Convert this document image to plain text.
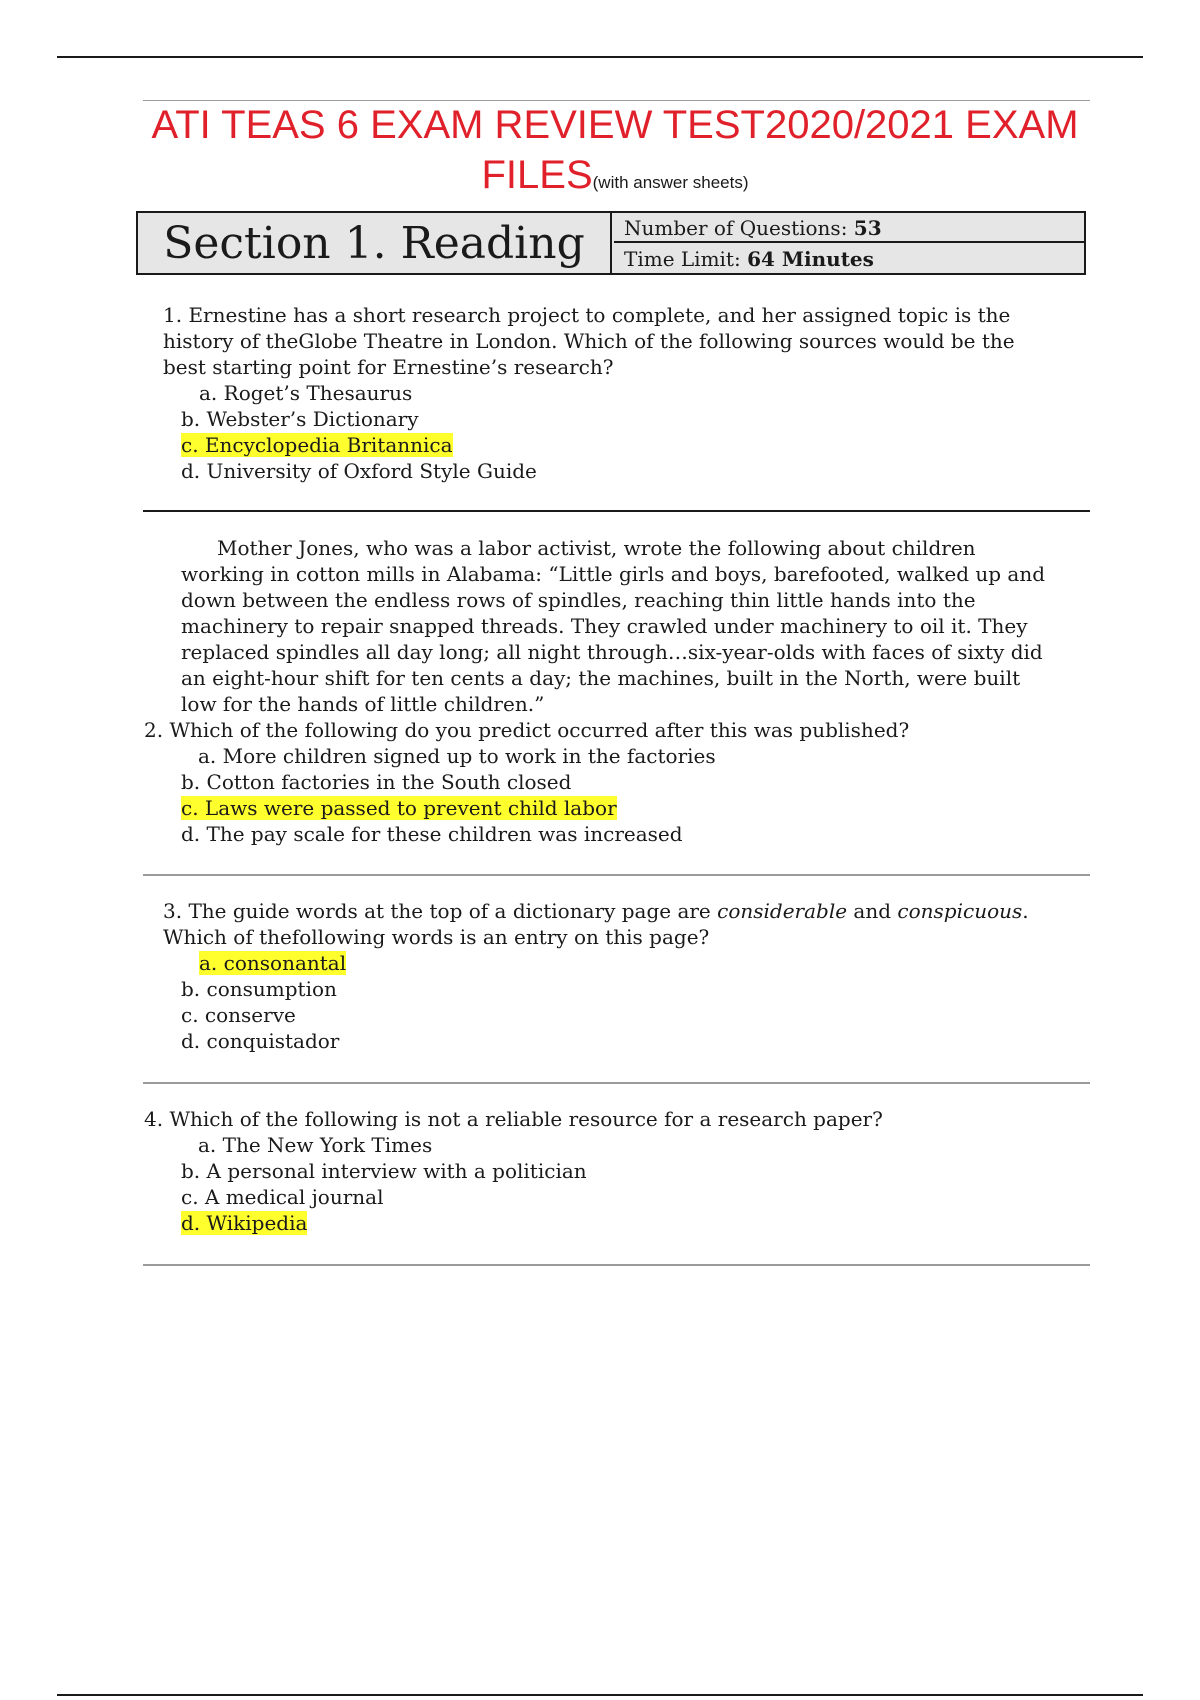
ATI TEAS 6 EXAM REVIEW TEST2020/2021 EXAM FILES(with answer sheets)
Section 1. Reading	Number of Questions: 53
Time Limit: 64 Minutes

1. Ernestine has a short research project to complete, and her assigned topic is the history of theGlobe Theatre in London. Which of the following sources would be the best starting point for Ernestine’s research?

a. Roget’s Thesaurus

b. Webster’s Dictionary

c. Encyclopedia Britannica

d. University of Oxford Style Guide

Mother Jones, who was a labor activist, wrote the following about children working in cotton mills in Alabama: “Little girls and boys, barefooted, walked up and down between the endless rows of spindles, reaching thin little hands into the machinery to repair snapped threads. They crawled under machinery to oil it. They replaced spindles all day long; all night through…six-year-olds with faces of sixty did an eight-hour shift for ten cents a day; the machines, built in the North, were built low for the hands of little children.”

2. Which of the following do you predict occurred after this was published?

a. More children signed up to work in the factories

b. Cotton factories in the South closed

c. Laws were passed to prevent child labor

d. The pay scale for these children was increased

3. The guide words at the top of a dictionary page are considerable and conspicuous. Which of thefollowing words is an entry on this page?

a. consonantal

b. consumption

c. conserve

d. conquistador

4. Which of the following is not a reliable resource for a research paper?

a. The New York Times

b. A personal interview with a politician

c. A medical journal

d. Wikipedia
